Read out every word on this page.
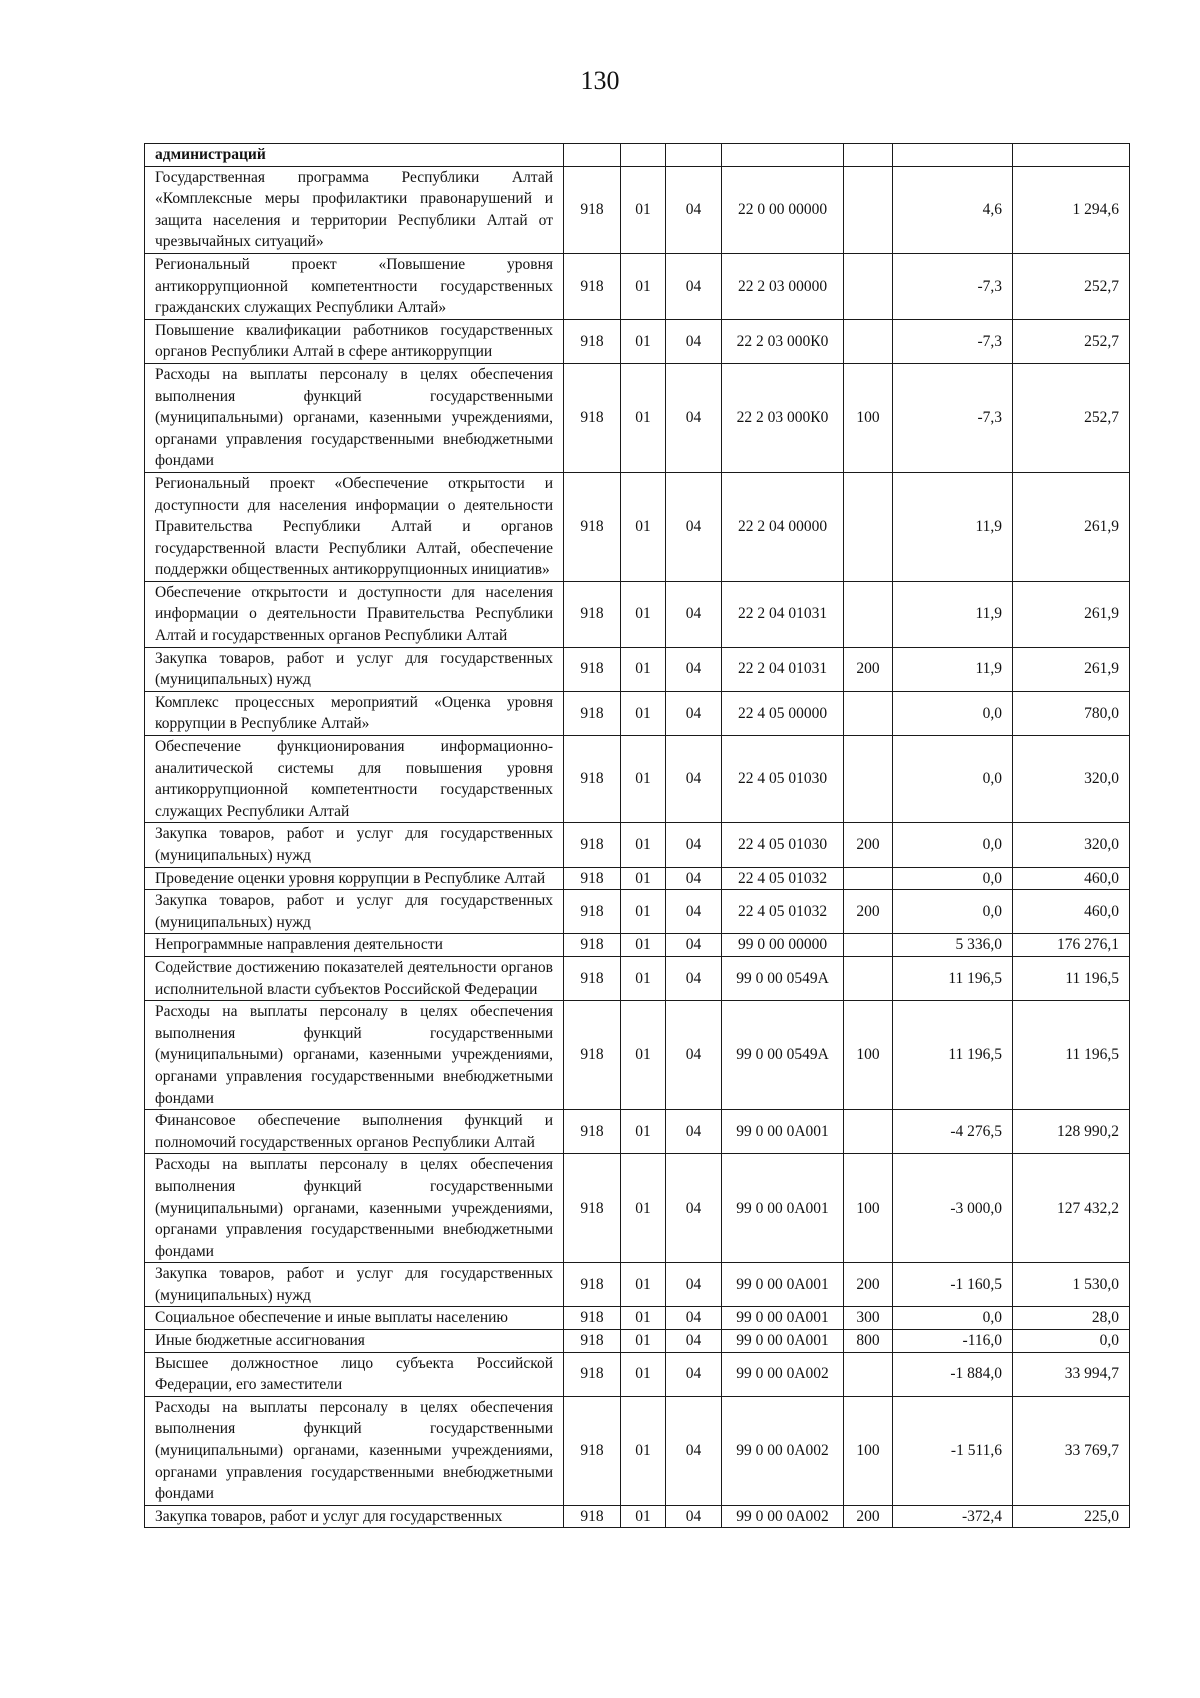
130
администраций							
Государственная программа Республики Алтай «Комплексные меры профилактики правонарушений и защита населения и территории Республики Алтай от чрезвычайных ситуаций»	918	01	04	22 0 00 00000		4,6	1 294,6
Региональный проект «Повышение уровня антикоррупционной компетентности государственных гражданских служащих Республики Алтай»	918	01	04	22 2 03 00000		-7,3	252,7
Повышение квалификации работников государственных органов Республики Алтай в сфере антикоррупции	918	01	04	22 2 03 000К0		-7,3	252,7
Расходы на выплаты персоналу в целях обеспечения выполнения функций государственными (муниципальными) органами, казенными учреждениями, органами управления государственными внебюджетными фондами	918	01	04	22 2 03 000К0	100	-7,3	252,7
Региональный проект «Обеспечение открытости и доступности для населения информации о деятельности Правительства Республики Алтай и органов государственной власти Республики Алтай, обеспечение поддержки общественных антикоррупционных инициатив»	918	01	04	22 2 04 00000		11,9	261,9
Обеспечение открытости и доступности для населения информации о деятельности Правительства Республики Алтай и государственных органов Республики Алтай	918	01	04	22 2 04 01031		11,9	261,9
Закупка товаров, работ и услуг для государственных (муниципальных) нужд	918	01	04	22 2 04 01031	200	11,9	261,9
Комплекс процессных мероприятий «Оценка уровня коррупции в Республике Алтай»	918	01	04	22 4 05 00000		0,0	780,0
Обеспечение функционирования информационно-аналитической системы для повышения уровня антикоррупционной компетентности государственных служащих Республики Алтай	918	01	04	22 4 05 01030		0,0	320,0
Закупка товаров, работ и услуг для государственных (муниципальных) нужд	918	01	04	22 4 05 01030	200	0,0	320,0
Проведение оценки уровня коррупции в Республике Алтай	918	01	04	22 4 05 01032		0,0	460,0
Закупка товаров, работ и услуг для государственных (муниципальных) нужд	918	01	04	22 4 05 01032	200	0,0	460,0
Непрограммные направления деятельности	918	01	04	99 0 00 00000		5 336,0	176 276,1
Содействие достижению показателей деятельности органов исполнительной власти субъектов Российской Федерации	918	01	04	99 0 00 0549А		11 196,5	11 196,5
Расходы на выплаты персоналу в целях обеспечения выполнения функций государственными (муниципальными) органами, казенными учреждениями, органами управления государственными внебюджетными фондами	918	01	04	99 0 00 0549А	100	11 196,5	11 196,5
Финансовое обеспечение выполнения функций и полномочий государственных органов Республики Алтай	918	01	04	99 0 00 0А001		-4 276,5	128 990,2
Расходы на выплаты персоналу в целях обеспечения выполнения функций государственными (муниципальными) органами, казенными учреждениями, органами управления государственными внебюджетными фондами	918	01	04	99 0 00 0А001	100	-3 000,0	127 432,2
Закупка товаров, работ и услуг для государственных (муниципальных) нужд	918	01	04	99 0 00 0А001	200	-1 160,5	1 530,0
Социальное обеспечение и иные выплаты населению	918	01	04	99 0 00 0А001	300	0,0	28,0
Иные бюджетные ассигнования	918	01	04	99 0 00 0А001	800	-116,0	0,0
Высшее должностное лицо субъекта Российской Федерации, его заместители	918	01	04	99 0 00 0А002		-1 884,0	33 994,7
Расходы на выплаты персоналу в целях обеспечения выполнения функций государственными (муниципальными) органами, казенными учреждениями, органами управления государственными внебюджетными фондами	918	01	04	99 0 00 0А002	100	-1 511,6	33 769,7
Закупка товаров, работ и услуг для государственных	918	01	04	99 0 00 0А002	200	-372,4	225,0
